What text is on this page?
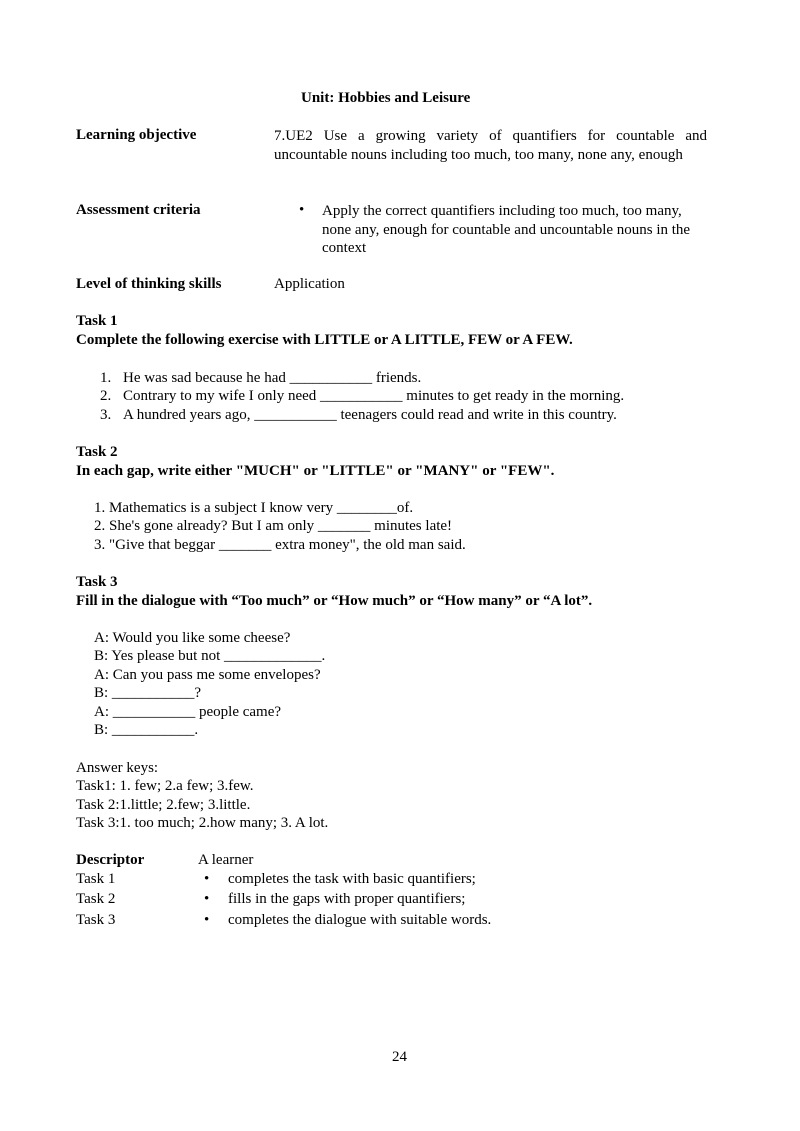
Unit: Hobbies and Leisure
Learning objective	7.UE2 Use a growing variety of quantifiers for countable and uncountable nouns including too much, too many, none any, enough
Assessment criteria	• Apply the correct quantifiers including too much, too many, none any, enough for countable and uncountable nouns in the context
Level of thinking skills	Application
Task 1
Complete the following exercise with LITTLE or A LITTLE, FEW or A FEW.
1. He was sad because he had ___________ friends.
2. Contrary to my wife I only need ___________ minutes to get ready in the morning.
3. A hundred years ago, ___________ teenagers could read and write in this country.
Task 2
In each gap, write either "MUCH" or "LITTLE" or "MANY" or "FEW".
1. Mathematics is a subject I know very ________of.
2. She's gone already? But I am only _______ minutes late!
3. "Give that beggar _______ extra money", the old man said.
Task 3
Fill in the dialogue with “Too much” or “How much” or “How many” or “A lot”.
A: Would you like some cheese?
B: Yes please but not _____________.
A: Can you pass me some envelopes?
B: ___________?
A: ___________ people came?
B: ___________.
Answer keys:
Task1: 1. few; 2.a few; 3.few.
Task 2:1.little; 2.few; 3.little.
Task 3:1. too much; 2.how many; 3. A lot.
Descriptor	A learner
Task 1	• completes the task with basic quantifiers;
Task 2	• fills in the gaps with proper quantifiers;
Task 3	• completes the dialogue with suitable words.
24
